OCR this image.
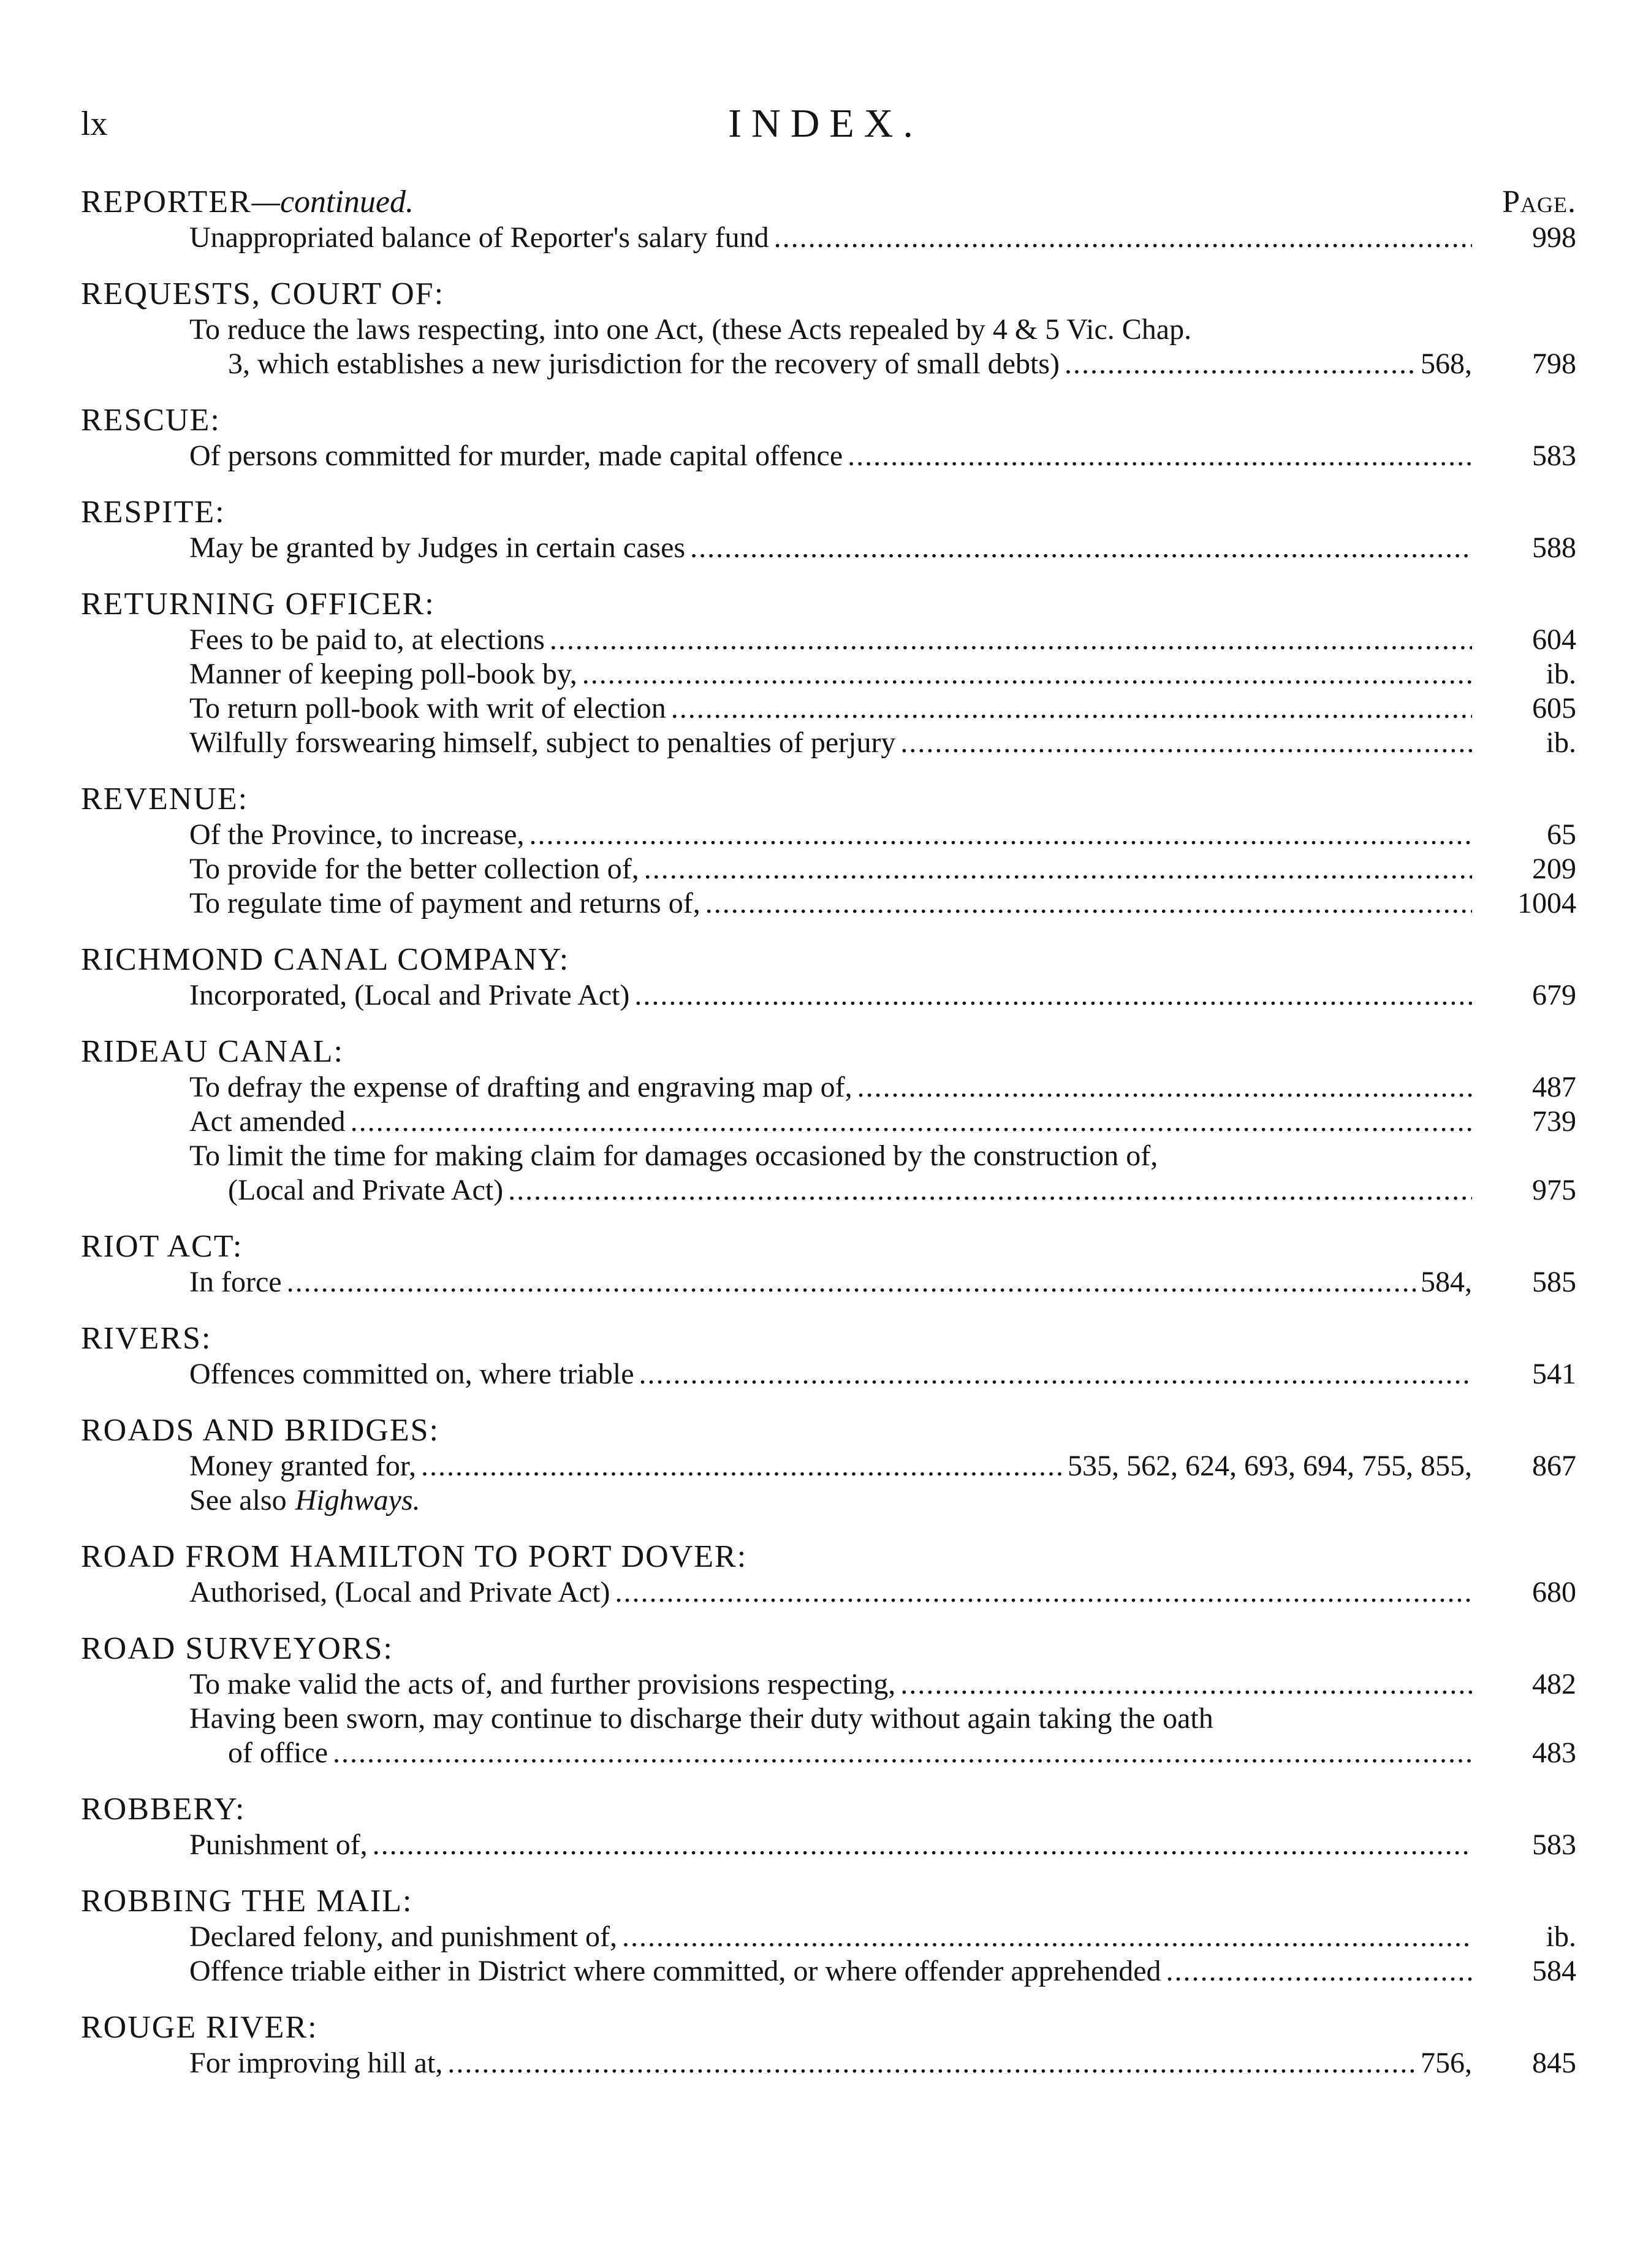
lx	INDEX.
REPORTER—continued.	Page.
Unappropriated balance of Reporter's salary fund . . .	998
REQUESTS, COURT OF:
To reduce the laws respecting, into one Act, (these Acts repealed by 4 & 5 Vic. Chap.
3, which establishes a new jurisdiction for the recovery of small debts) . . .	568,	798
RESCUE:
Of persons committed for murder, made capital offence . . .	583
RESPITE:
May be granted by Judges in certain cases . . .	588
RETURNING OFFICER:
Fees to be paid to, at elections . . .	604
Manner of keeping poll-book by, . . .	ib.
To return poll-book with writ of election . . .	605
Wilfully forswearing himself, subject to penalties of perjury . . .	ib.
REVENUE:
Of the Province, to increase, . . .	65
To provide for the better collection of, . . .	209
To regulate time of payment and returns of, . . .	1004
RICHMOND CANAL COMPANY:
Incorporated, (Local and Private Act) . . .	679
RIDEAU CANAL:
To defray the expense of drafting and engraving map of, . . .	487
Act amended . . .	739
To limit the time for making claim for damages occasioned by the construction of,
(Local and Private Act) . . .	975
RIOT ACT:
In force . . .	584,	585
RIVERS:
Offences committed on, where triable . . .	541
ROADS AND BRIDGES:
Money granted for, . . .	535, 562, 624, 693, 694, 755, 855,	867
See also Highways.
ROAD FROM HAMILTON TO PORT DOVER:
Authorised, (Local and Private Act) . . .	680
ROAD SURVEYORS:
To make valid the acts of, and further provisions respecting, . . .	482
Having been sworn, may continue to discharge their duty without again taking the oath
of office . . .	483
ROBBERY:
Punishment of, . . .	583
ROBBING THE MAIL:
Declared felony, and punishment of, . . .	ib.
Offence triable either in District where committed, or where offender apprehended . . .	584
ROUGE RIVER:
For improving hill at, . . .	756,	845
